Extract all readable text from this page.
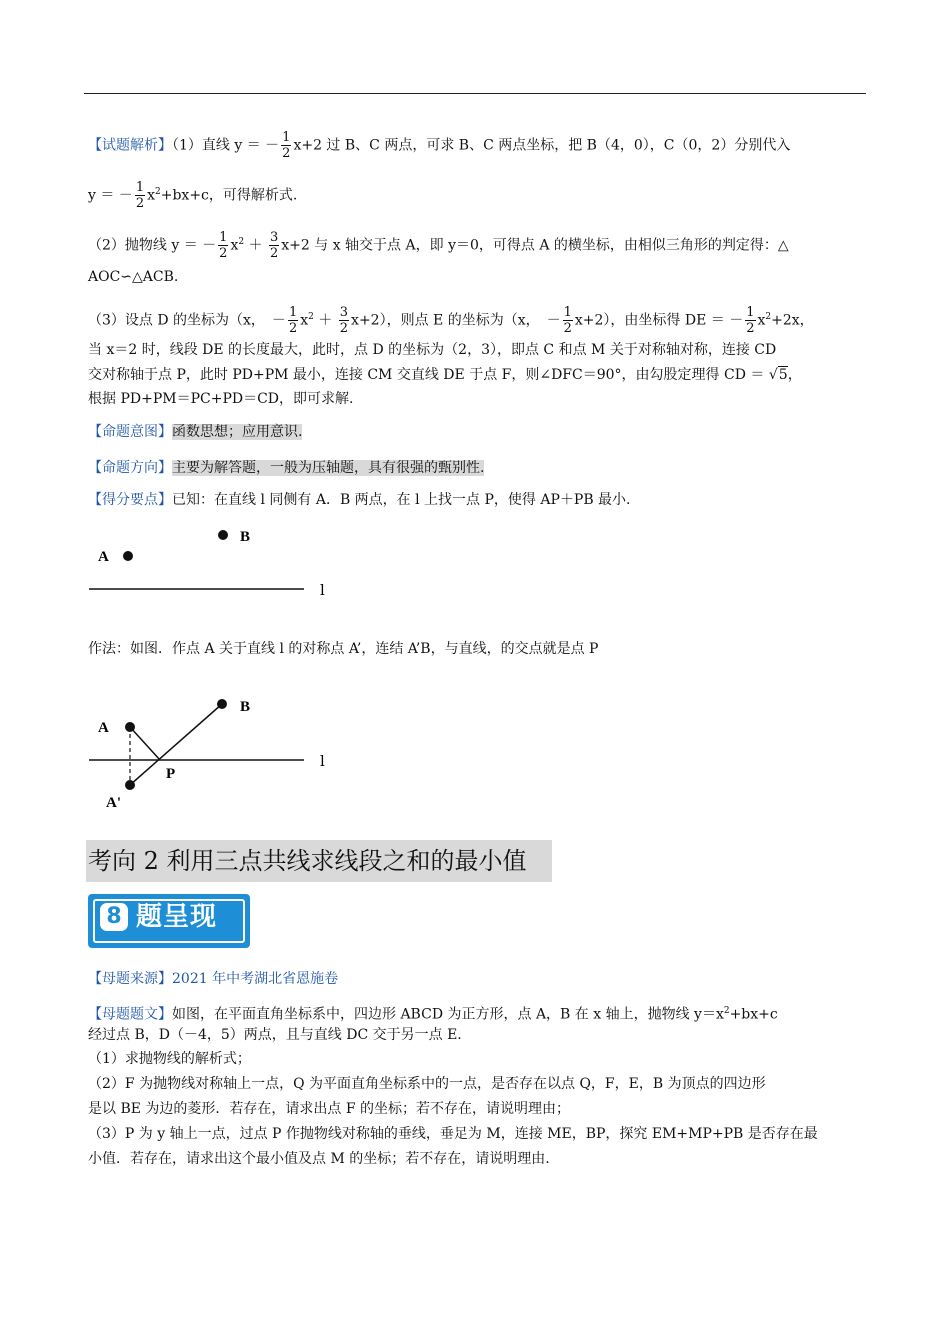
【试题解析】（1）直线 y ＝ － $\frac{1}{2} x+2$ 过 B、C 两点，可求 B、C 两点坐标，把 B（4，0），C（0，2）分别代入
y ＝ － $\frac{1}{2} x^2+bx+c$，可得解析式.
（2）抛物线 y ＝ － $\frac{1}{2} x^2 + \frac{3}{2} x+2$ 与 x 轴交于点 A，即 y＝0，可得点 A 的横坐标，由相似三角形的判定得：△
AOC∽△ACB.
（3）设点 D 的坐标为（x，　－ $\frac{1}{2} x^2 + \frac{3}{2} x+2$），则点 E 的坐标为（x，　－ $\frac{1}{2} x+2$），由坐标得 DE ＝ － $\frac{1}{2} x^2+2x$，
当 x＝2 时，线段 DE 的长度最大，此时，点 D 的坐标为（2，3），即点 C 和点 M 关于对称轴对称，连接 CD
交对称轴于点 P，此时 PD+PM 最小，连接 CM 交直线 DE 于点 F，则∠DFC＝90°，由勾股定理得 CD ＝ √5，
根据 PD+PM＝PC+PD＝CD，即可求解.
【命题意图】函数思想；应用意识.
【命题方向】主要为解答题，一般为压轴题，具有很强的甄别性.
【得分要点】已知：在直线 l 同侧有 A．B 两点，在 l 上找一点 P，使得 AP＋PB 最小.
A
B
l
作法：如图．作点 A 关于直线 l 的对称点 A’，连结 A’B，与直线，的交点就是点 P
A
B
l
P
A'
考向 2 利用三点共线求线段之和的最小值
8 题呈现
【母题来源】2021 年中考湖北省恩施卷
【母题题文】如图，在平面直角坐标系中，四边形 ABCD 为正方形，点 A，B 在 x 轴上，抛物线 $y=x^2+bx+c$
经过点 B，D（－4，5）两点，且与直线 DC 交于另一点 E.
（1）求抛物线的解析式；
（2）F 为抛物线对称轴上一点，Q 为平面直角坐标系中的一点，是否存在以点 Q，F，E，B 为顶点的四边形
是以 BE 为边的菱形．若存在，请求出点 F 的坐标；若不存在，请说明理由；
（3）P 为 y 轴上一点，过点 P 作抛物线对称轴的垂线，垂足为 M，连接 ME，BP，探究 EM+MP+PB 是否存在最
小值．若存在，请求出这个最小值及点 M 的坐标；若不存在，请说明理由.
